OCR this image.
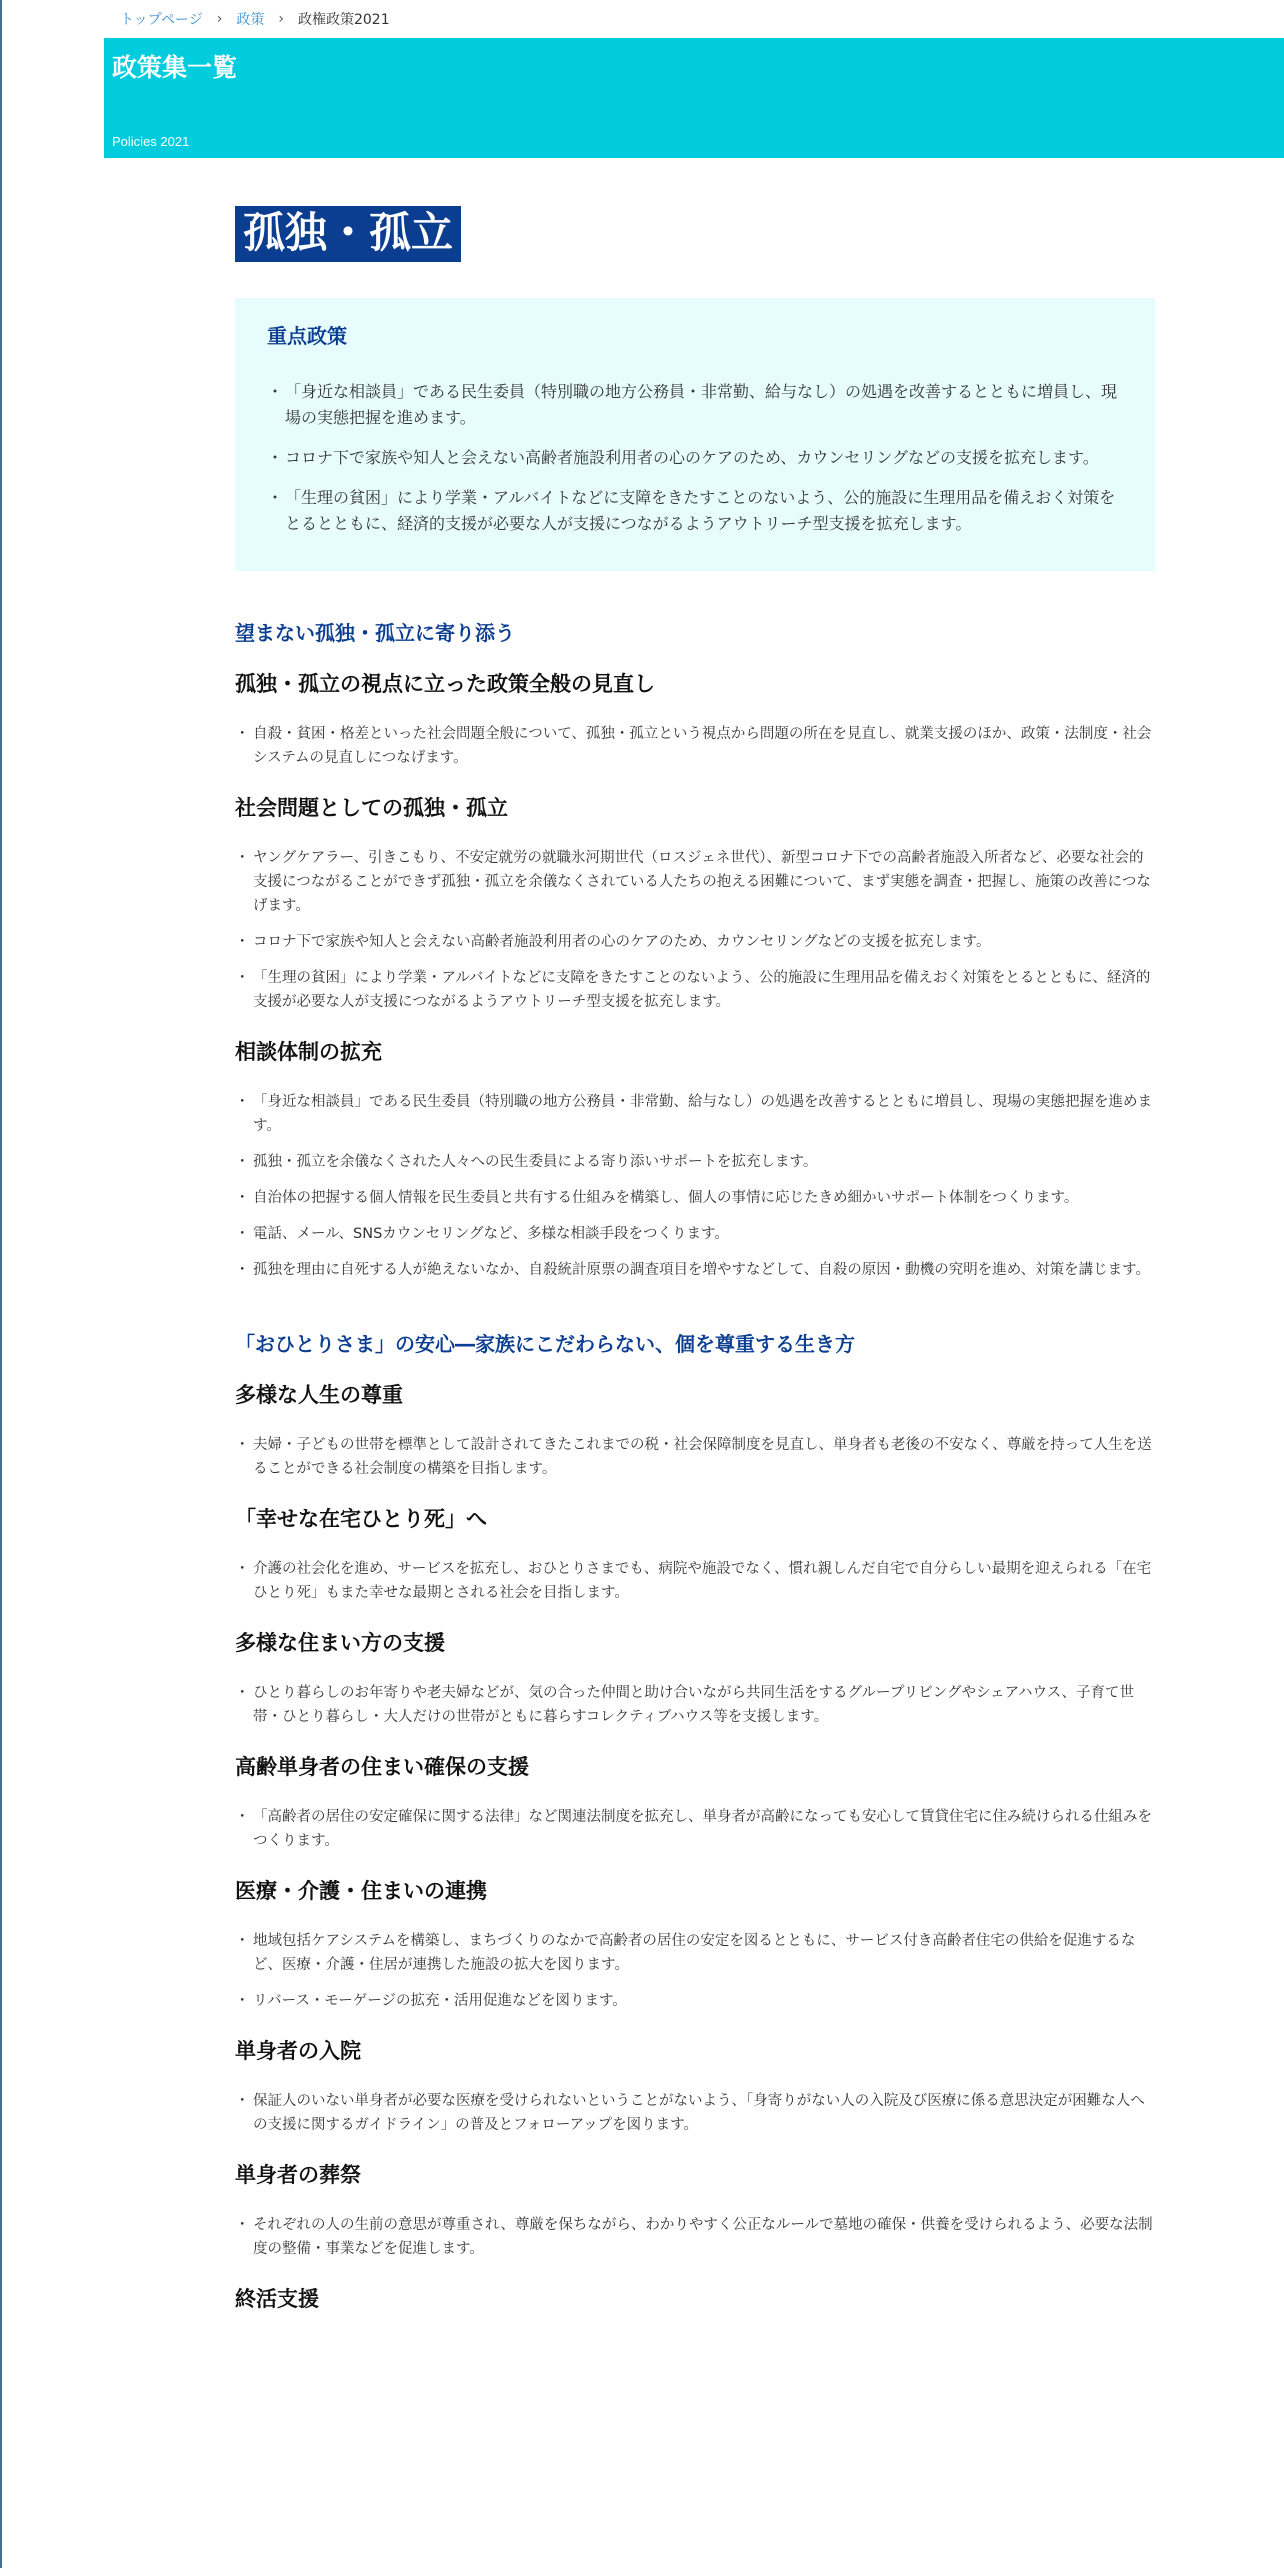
トップページ › 政策 › 政権政策2021
政策集一覧
Policies 2021
孤独・孤立
重点政策
・ 「身近な相談員」である民生委員（特別職の地方公務員・非常勤、給与なし）の処遇を改善するとともに増員し、現場の実態把握を進めます。
・ コロナ下で家族や知人と会えない高齢者施設利用者の心のケアのため、カウンセリングなどの支援を拡充します。
・ 「生理の貧困」により学業・アルバイトなどに支障をきたすことのないよう、公的施設に生理用品を備えおく対策をとるとともに、経済的支援が必要な人が支援につながるようアウトリーチ型支援を拡充します。
望まない孤独・孤立に寄り添う
孤独・孤立の視点に立った政策全般の見直し
・ 自殺・貧困・格差といった社会問題全般について、孤独・孤立という視点から問題の所在を見直し、就業支援のほか、政策・法制度・社会システムの見直しにつなげます。
社会問題としての孤独・孤立
・ ヤングケアラー、引きこもり、不安定就労の就職氷河期世代（ロスジェネ世代）、新型コロナ下での高齢者施設入所者など、必要な社会的支援につながることができず孤独・孤立を余儀なくされている人たちの抱える困難について、まず実態を調査・把握し、施策の改善につなげます。
・ コロナ下で家族や知人と会えない高齢者施設利用者の心のケアのため、カウンセリングなどの支援を拡充します。
・ 「生理の貧困」により学業・アルバイトなどに支障をきたすことのないよう、公的施設に生理用品を備えおく対策をとるとともに、経済的支援が必要な人が支援につながるようアウトリーチ型支援を拡充します。
相談体制の拡充
・ 「身近な相談員」である民生委員（特別職の地方公務員・非常勤、給与なし）の処遇を改善するとともに増員し、現場の実態把握を進めます。
・ 孤独・孤立を余儀なくされた人々への民生委員による寄り添いサポートを拡充します。
・ 自治体の把握する個人情報を民生委員と共有する仕組みを構築し、個人の事情に応じたきめ細かいサポート体制をつくります。
・ 電話、メール、SNSカウンセリングなど、多様な相談手段をつくります。
・ 孤独を理由に自死する人が絶えないなか、自殺統計原票の調査項目を増やすなどして、自殺の原因・動機の究明を進め、対策を講じます。
「おひとりさま」の安心―家族にこだわらない、個を尊重する生き方
多様な人生の尊重
・ 夫婦・子どもの世帯を標準として設計されてきたこれまでの税・社会保障制度を見直し、単身者も老後の不安なく、尊厳を持って人生を送ることができる社会制度の構築を目指します。
「幸せな在宅ひとり死」へ
・ 介護の社会化を進め、サービスを拡充し、おひとりさまでも、病院や施設でなく、慣れ親しんだ自宅で自分らしい最期を迎えられる「在宅ひとり死」もまた幸せな最期とされる社会を目指します。
多様な住まい方の支援
・ ひとり暮らしのお年寄りや老夫婦などが、気の合った仲間と助け合いながら共同生活をするグループリビングやシェアハウス、子育て世帯・ひとり暮らし・大人だけの世帯がともに暮らすコレクティブハウス等を支援します。
高齢単身者の住まい確保の支援
・ 「高齢者の居住の安定確保に関する法律」など関連法制度を拡充し、単身者が高齢になっても安心して賃貸住宅に住み続けられる仕組みをつくります。
医療・介護・住まいの連携
・ 地域包括ケアシステムを構築し、まちづくりのなかで高齢者の居住の安定を図るとともに、サービス付き高齢者住宅の供給を促進するなど、医療・介護・住居が連携した施設の拡大を図ります。
・ リバース・モーゲージの拡充・活用促進などを図ります。
単身者の入院
・ 保証人のいない単身者が必要な医療を受けられないということがないよう、「身寄りがない人の入院及び医療に係る意思決定が困難な人への支援に関するガイドライン」の普及とフォローアップを図ります。
単身者の葬祭
・ それぞれの人の生前の意思が尊重され、尊厳を保ちながら、わかりやすく公正なルールで墓地の確保・供養を受けられるよう、必要な法制度の整備・事業などを促進します。
終活支援
